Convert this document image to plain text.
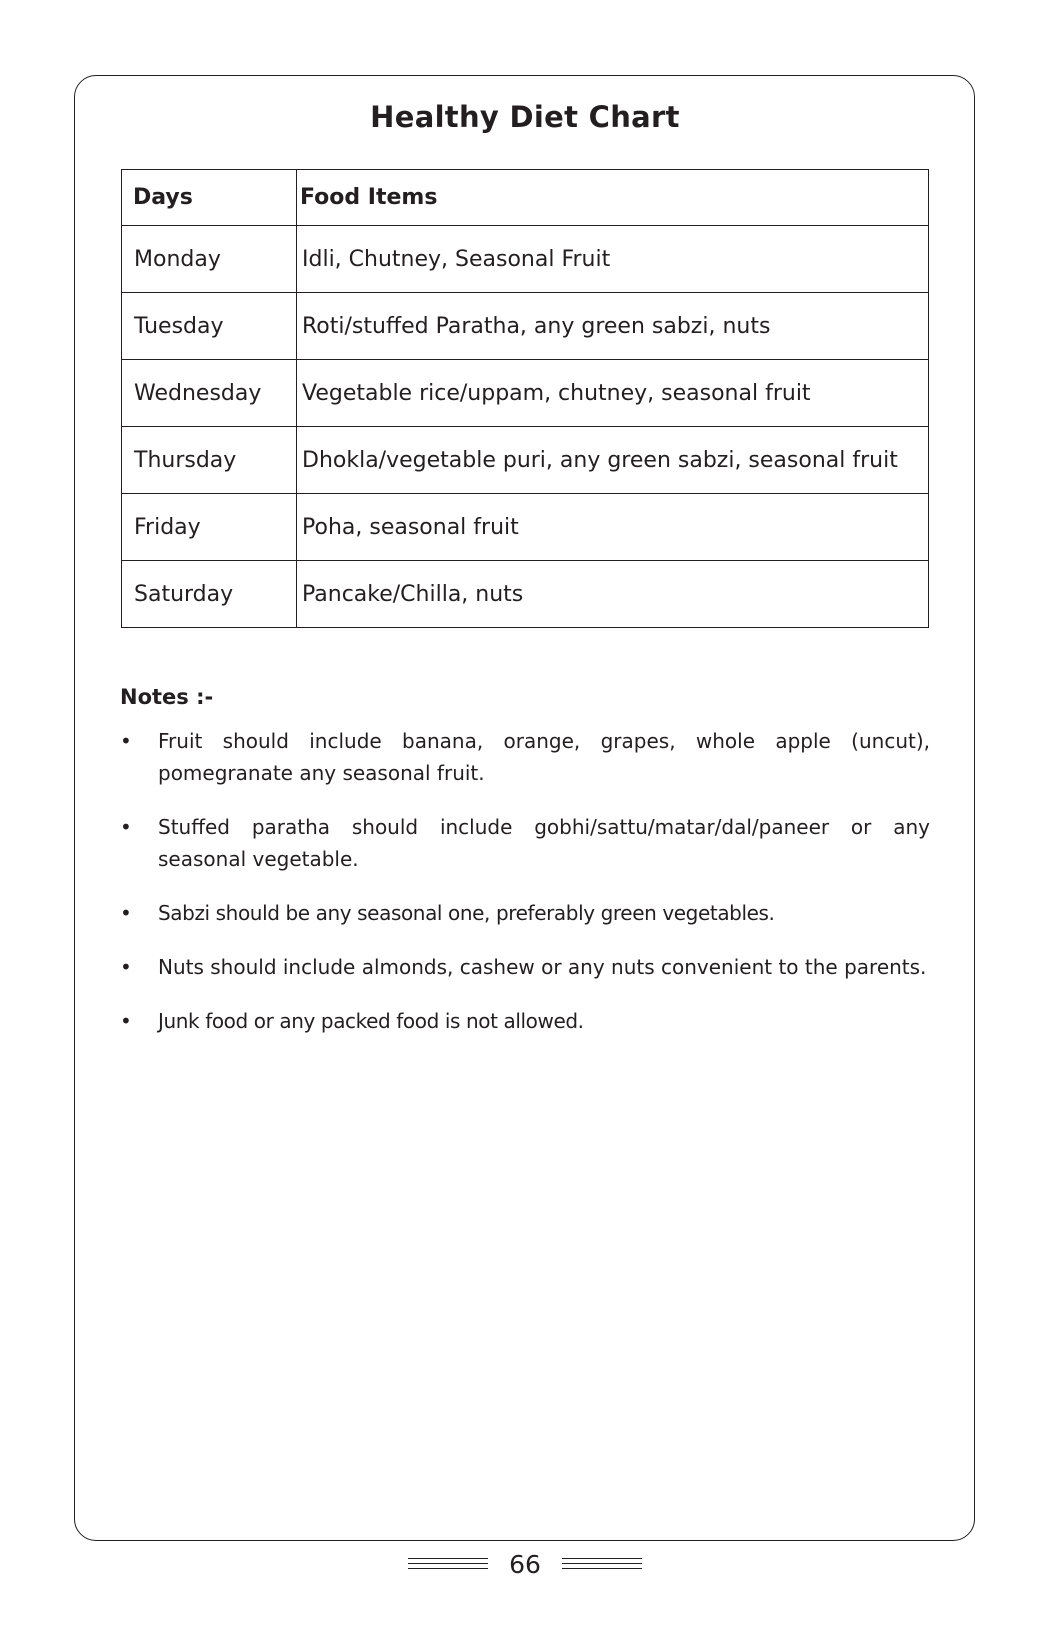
Healthy Diet Chart
Days	Food Items
Monday	Idli, Chutney, Seasonal Fruit
Tuesday	Roti/stuffed Paratha, any green sabzi, nuts
Wednesday	Vegetable rice/uppam, chutney, seasonal fruit
Thursday	Dhokla/vegetable puri, any green sabzi, seasonal fruit
Friday	Poha, seasonal fruit
Saturday	Pancake/Chilla, nuts
Notes :-
• Fruit should include banana, orange, grapes, whole apple (uncut), pomegranate any seasonal fruit.
• Stuffed paratha should include gobhi/sattu/matar/dal/paneer or any seasonal vegetable.
• Sabzi should be any seasonal one, preferably green vegetables.
• Nuts should include almonds, cashew or any nuts convenient to the parents.
• Junk food or any packed food is not allowed.
66
